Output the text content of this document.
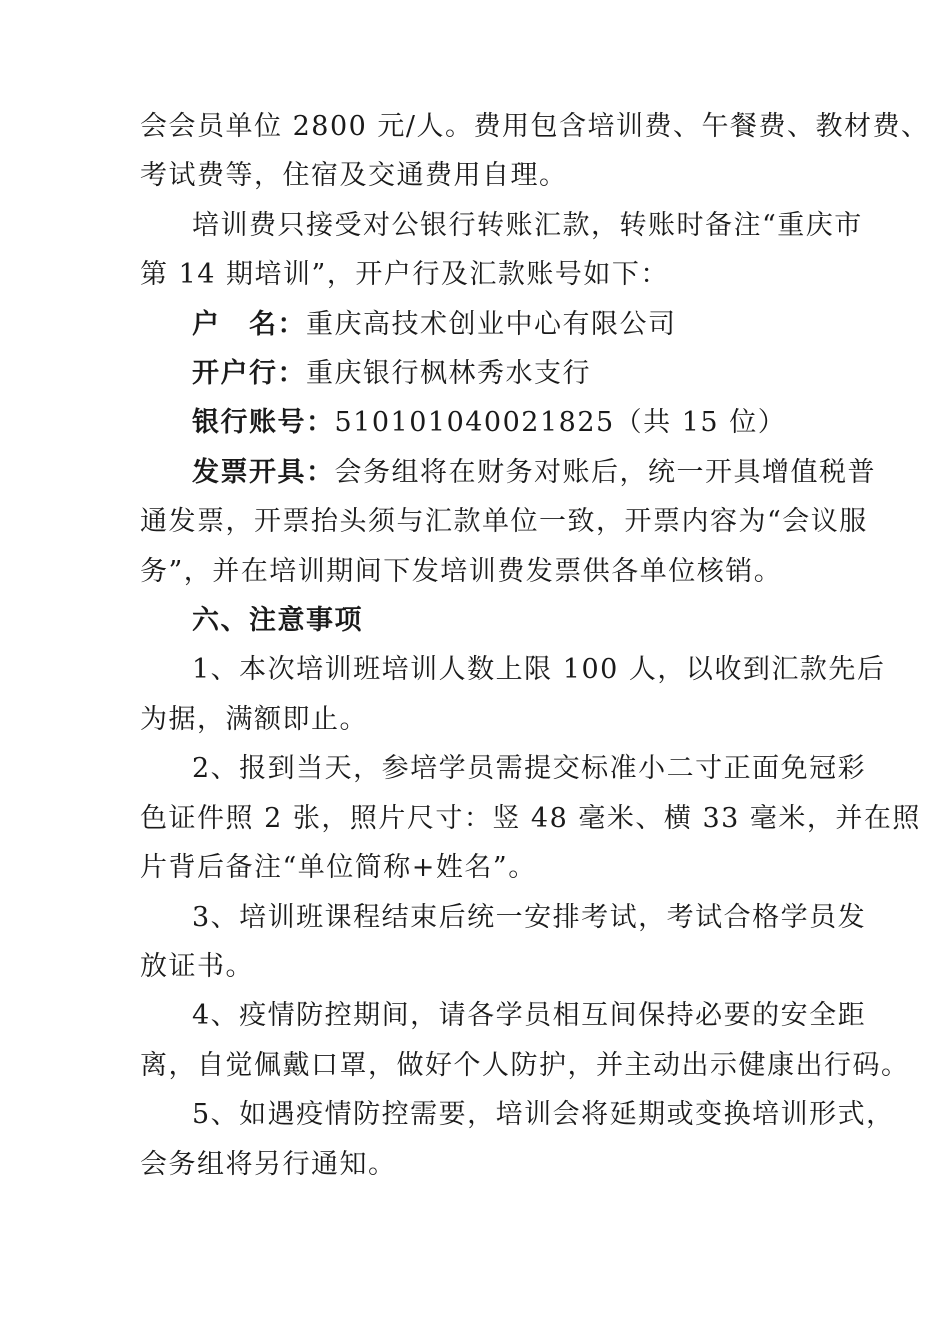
会会员单位 2800 元/人。费用包含培训费、午餐费、教材费、
考试费等，住宿及交通费用自理。
培训费只接受对公银行转账汇款，转账时备注“重庆市
第 14 期培训”，开户行及汇款账号如下：
户　名：重庆高技术创业中心有限公司
开户行：重庆银行枫林秀水支行
银行账号：510101040021825（共 15 位）
发票开具：会务组将在财务对账后，统一开具增值税普
通发票，开票抬头须与汇款单位一致，开票内容为“会议服
务”，并在培训期间下发培训费发票供各单位核销。
六、注意事项
1、本次培训班培训人数上限 100 人，以收到汇款先后
为据，满额即止。
2、报到当天，参培学员需提交标准小二寸正面免冠彩
色证件照 2 张，照片尺寸：竖 48 毫米、横 33 毫米，并在照
片背后备注“单位简称+姓名”。
3、培训班课程结束后统一安排考试，考试合格学员发
放证书。
4、疫情防控期间，请各学员相互间保持必要的安全距
离，自觉佩戴口罩，做好个人防护，并主动出示健康出行码。
5、如遇疫情防控需要，培训会将延期或变换培训形式，
会务组将另行通知。
